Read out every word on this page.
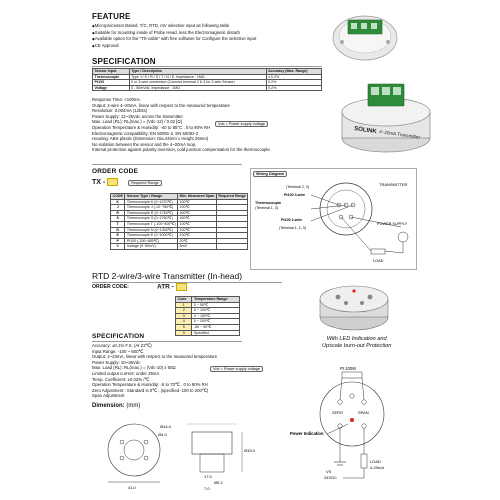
FEATURE
◆ Microprocessor Based, T/C, RTD, mV selective input as following table
◆ Suitable for mounting inside of Probe Head, less the Electromagnetic disturb
◆ Available option for the "TX-cable" with free software for Configure the selective input
◆ CE Approval
SPECIFICATION
Sensor Input	Type / Description	Accuracy (Max. Range)
Thermocouple	Type J / K / R / S / T / N / E, Impedance : 1MΩ	± 0.2%
Pt100	2 or 3-wire connection (Connect terminal 2 & 3 for 2-wire Sensor)	0.2%
Voltage	0 - 50mVdc, Impedance : 1MΩ	0.2%
Response Time: <100ms.
Output: 2-wire 4~20mA, linear with respect to the measured temperature
Resolution: 0.004mA (12bits)
Power Supply: 12~35Vdc across the transmitter
Max. Load (RL): RL(max.) = (Vdc-12) / 0.02 [Ω]
Operation Temperature & Humidity: -40 to 85°C , 0 to 90% RH
Electromagnetic compatibility: EN 50081-2, EN 50082-2
Housing: ABS plastic (Dimension: Dia.44mm x Height 26mm)
No isolation between the sensor and the 4~20mA loop.
Internal protection against polarity inversion, cold junction compensation for the thermocouple.
Vdc = Power supply voltage
SOLINK 4~20mA Transmitter
ORDER CODE
TX -	Required Range
CODE	Sensor Type / Range	Min. Measured Span	Required Range
K	Thermocouple K (0~1370℃)	100℃	
J	Thermocouple J (-10~760℃)	100℃	
R	Thermocouple R (0~1760℃)	400℃	
S	Thermocouple S (0~1760℃)	400℃	
T	Thermocouple T (-100~400℃)	100℃	
N	Thermocouple N (0~1300℃)	100℃	
E	Thermocouple E (0~1000℃)	100℃	
P	Pt100 (-200~850℃)	20℃	
V	Voltage (0~50mV)	5mV	
Wiring Diagram
(Terminal 2, 3)
Pt100 3-wire
Thermocouple
(Terminal 1, 3)
Pt100 2-wire
(Terminal 1, 2, 3)
TRANSMITTER
POWER SUPPLY
LOAD
RTD 2-wire/3-wire Transmitter (In-head)
ORDER CODE:	ATR -
Code	Temperature Range
1	0 ~ 50℃
2	0 ~ 100℃
3	0 ~ 150℃
4	0 ~ 200℃
5	-50 ~ 50℃
9	Specified
With LED Indication and
Upscale burn-out Protection
SPECIFICATION
Accuracy: ±0.1% F.S. (At 23℃)
Input Range: -100 ~ 600℃
Output: 4~20mA, linear with respect to the measured temperature
Power Supply: 10~36Vdc
Max. Load (RL): RL(max.) = (Vdc-10) x 50Ω
Limited output current: under 25mA
Temp. Coefficient: ±0.02% /℃
Operation Temperature & Humidity: -5 to 70℃ , 0 to 90% RH
Zero Adjustment : Standard is 0℃ , (specified -100 to 200℃)
Span Adjustment
Vdc = Power supply voltage
Dimension: (mm)
41.0
Ø44.0
Ø4.0
Ø33.0
17.0
Ø5.2
7.0
Pt 100W
ZERO	SPAN
Power Indication
VS
24VDC
LOAD
4-20mA
